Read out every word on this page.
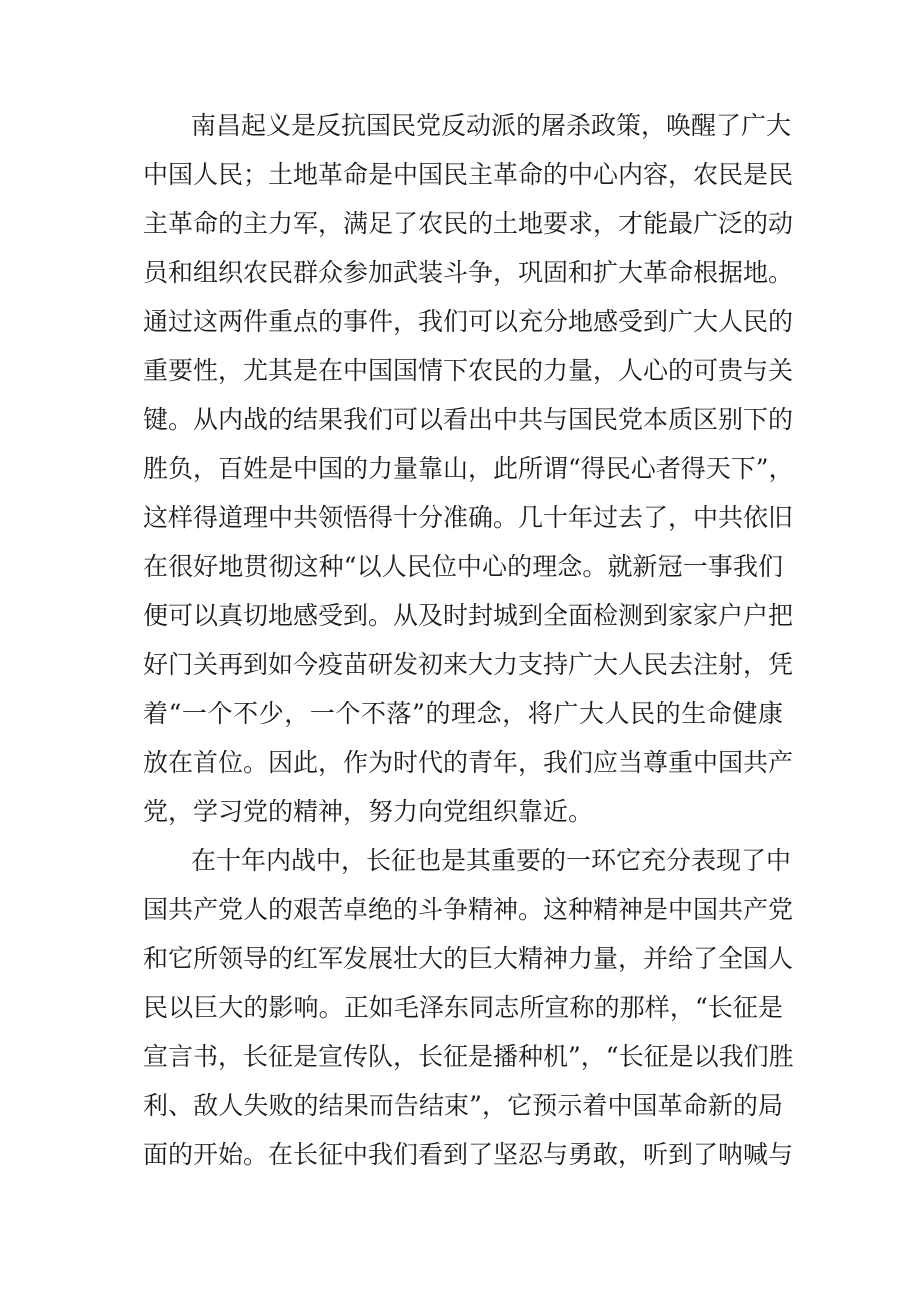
南昌起义是反抗国民党反动派的屠杀政策，唤醒了广大
中国人民；土地革命是中国民主革命的中心内容，农民是民
主革命的主力军，满足了农民的土地要求，才能最广泛的动
员和组织农民群众参加武装斗争，巩固和扩大革命根据地。
通过这两件重点的事件，我们可以充分地感受到广大人民的
重要性，尤其是在中国国情下农民的力量，人心的可贵与关
键。从内战的结果我们可以看出中共与国民党本质区别下的
胜负，百姓是中国的力量靠山，此所谓“得民心者得天下”，
这样得道理中共领悟得十分准确。几十年过去了，中共依旧
在很好地贯彻这种“以人民位中心的理念。就新冠一事我们
便可以真切地感受到。从及时封城到全面检测到家家户户把
好门关再到如今疫苗研发初来大力支持广大人民去注射，凭
着“一个不少，一个不落”的理念，将广大人民的生命健康
放在首位。因此，作为时代的青年，我们应当尊重中国共产
党，学习党的精神，努力向党组织靠近。
在十年内战中，长征也是其重要的一环它充分表现了中
国共产党人的艰苦卓绝的斗争精神。这种精神是中国共产党
和它所领导的红军发展壮大的巨大精神力量，并给了全国人
民以巨大的影响。正如毛泽东同志所宣称的那样，“长征是
宣言书，长征是宣传队，长征是播种机”，“长征是以我们胜
利、敌人失败的结果而告结束”，它预示着中国革命新的局
面的开始。在长征中我们看到了坚忍与勇敢，听到了呐喊与
